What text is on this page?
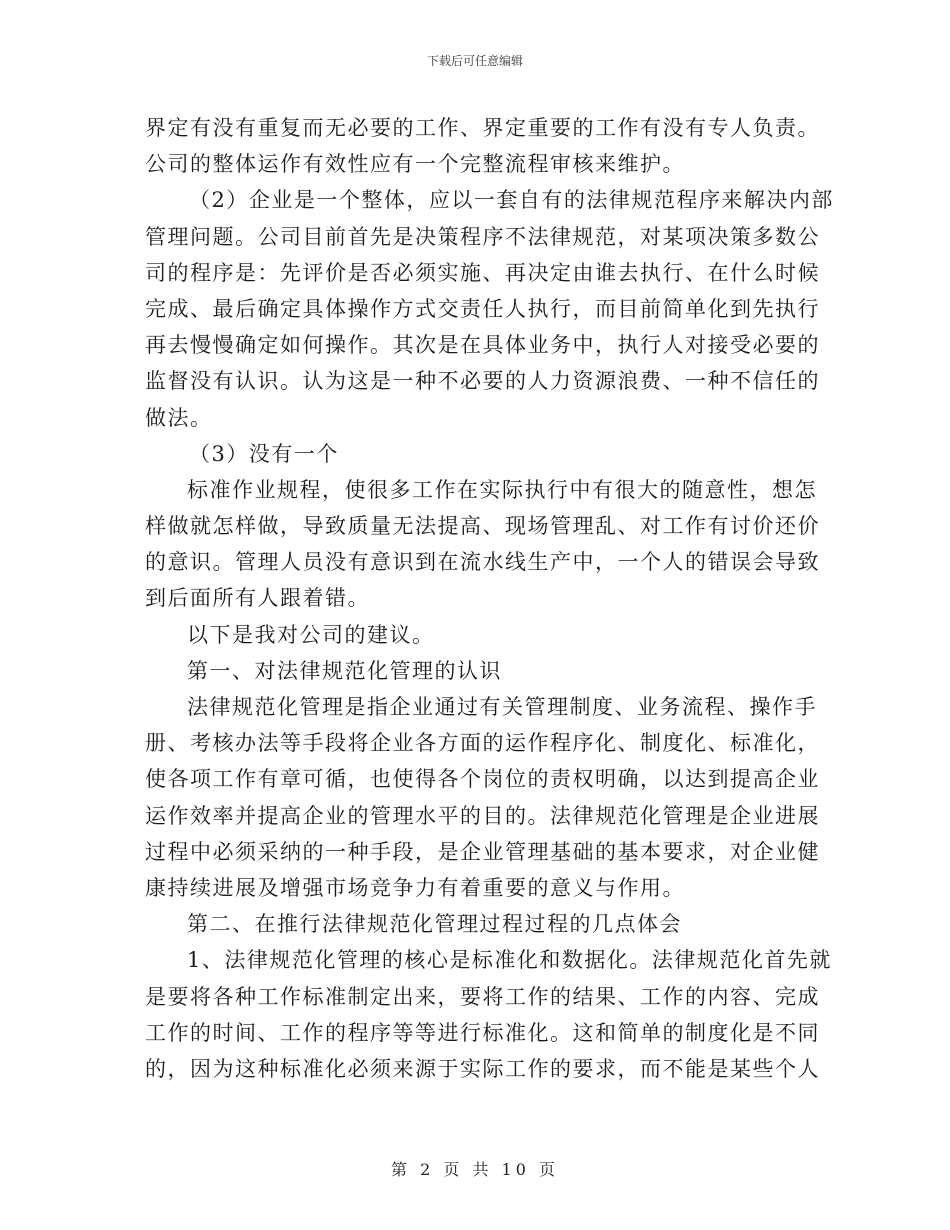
下载后可任意编辑
界定有没有重复而无必要的工作、界定重要的工作有没有专人负责。
公司的整体运作有效性应有一个完整流程审核来维护。
（2）企业是一个整体，应以一套自有的法律规范程序来解决内部
管理问题。公司目前首先是决策程序不法律规范，对某项决策多数公
司的程序是：先评价是否必须实施、再决定由谁去执行、在什么时候
完成、最后确定具体操作方式交责任人执行，而目前简单化到先执行
再去慢慢确定如何操作。其次是在具体业务中，执行人对接受必要的
监督没有认识。认为这是一种不必要的人力资源浪费、一种不信任的
做法。
（3）没有一个
标准作业规程，使很多工作在实际执行中有很大的随意性，想怎
样做就怎样做，导致质量无法提高、现场管理乱、对工作有讨价还价
的意识。管理人员没有意识到在流水线生产中，一个人的错误会导致
到后面所有人跟着错。
以下是我对公司的建议。
第一、对法律规范化管理的认识
法律规范化管理是指企业通过有关管理制度、业务流程、操作手
册、考核办法等手段将企业各方面的运作程序化、制度化、标准化，
使各项工作有章可循，也使得各个岗位的责权明确，以达到提高企业
运作效率并提高企业的管理水平的目的。法律规范化管理是企业进展
过程中必须采纳的一种手段，是企业管理基础的基本要求，对企业健
康持续进展及增强市场竞争力有着重要的意义与作用。
第二、在推行法律规范化管理过程过程的几点体会
1、法律规范化管理的核心是标准化和数据化。法律规范化首先就
是要将各种工作标准制定出来，要将工作的结果、工作的内容、完成
工作的时间、工作的程序等等进行标准化。这和简单的制度化是不同
的，因为这种标准化必须来源于实际工作的要求，而不能是某些个人
第 2 页 共 10 页
